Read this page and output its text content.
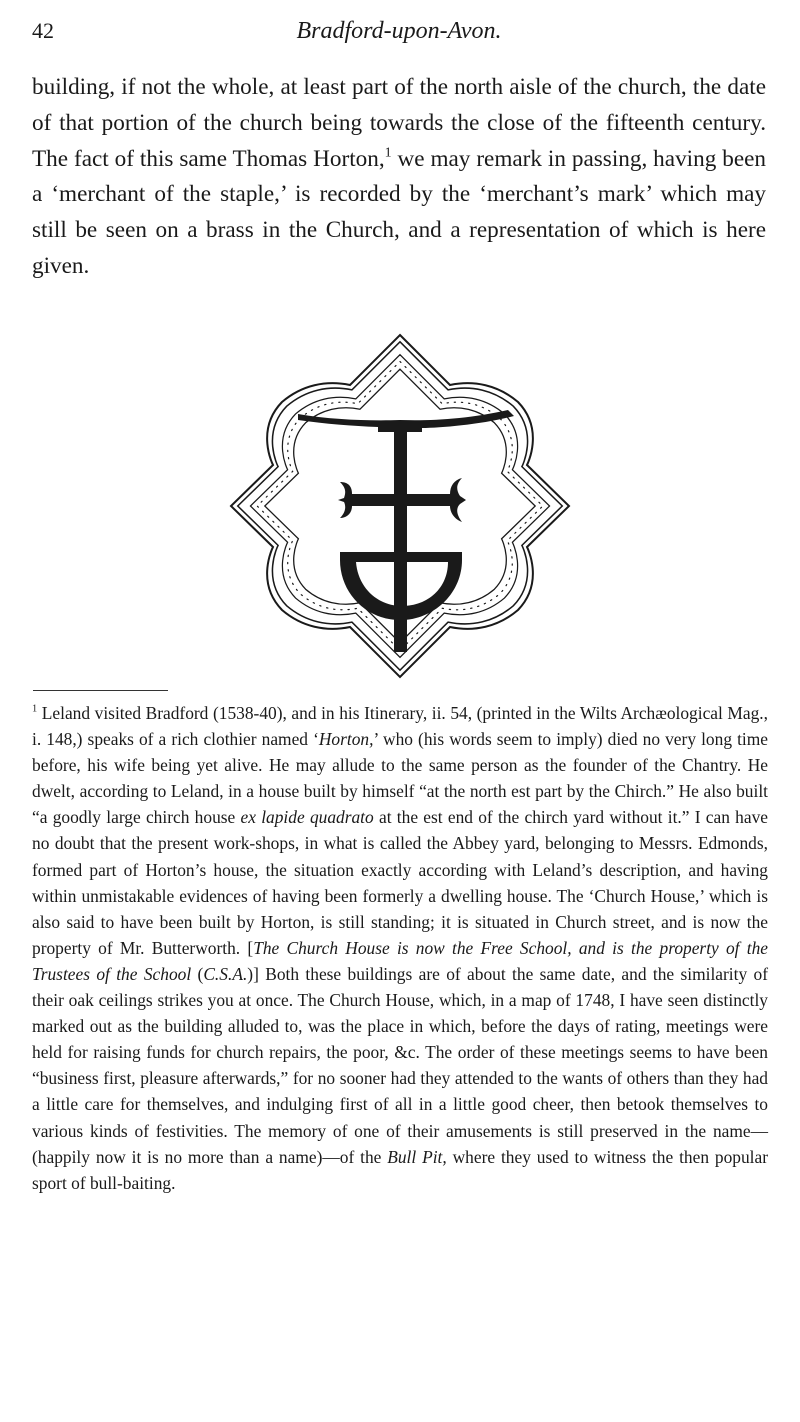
42	Bradford-upon-Avon.

building, if not the whole, at least part of the north aisle of the church, the date of that portion of the church being towards the close of the fifteenth century. The fact of this same Thomas Horton,$^1$ we may remark in passing, having been a ‘merchant of the staple,’ is recorded by the ‘merchant’s mark’ which may still be seen on a brass in the Church, and a representation of which is here given.

$^1$ Leland visited Bradford (1538-40), and in his Itinerary, ii. 54, (printed in the Wilts Archæological Mag., i. 148,) speaks of a rich clothier named ‘Horton,’ who (his words seem to imply) died no very long time before, his wife being yet alive. He may allude to the same person as the founder of the Chantry. He dwelt, according to Leland, in a house built by himself “at the north est part by the Chirch.” He also built “a goodly large chirch house ex lapide quadrato at the est end of the chirch yard without it.” I can have no doubt that the present work-shops, in what is called the Abbey yard, belonging to Messrs. Edmonds, formed part of Horton’s house, the situation exactly according with Leland’s description, and having within unmistakable evidences of having been formerly a dwelling house. The ‘Church House,’ which is also said to have been built by Horton, is still standing; it is situated in Church street, and is now the property of Mr. Butterworth. [The Church House is now the Free School, and is the property of the Trustees of the School (C.S.A.)] Both these buildings are of about the same date, and the similarity of their oak ceilings strikes you at once. The Church House, which, in a map of 1748, I have seen distinctly marked out as the building alluded to, was the place in which, before the days of rating, meetings were held for raising funds for church repairs, the poor, &c. The order of these meetings seems to have been “business first, pleasure afterwards,” for no sooner had they attended to the wants of others than they had a little care for themselves, and indulging first of all in a little good cheer, then betook themselves to various kinds of festivities. The memory of one of their amusements is still preserved in the name—(happily now it is no more than a name)—of the Bull Pit, where they used to witness the then popular sport of bull-baiting.
